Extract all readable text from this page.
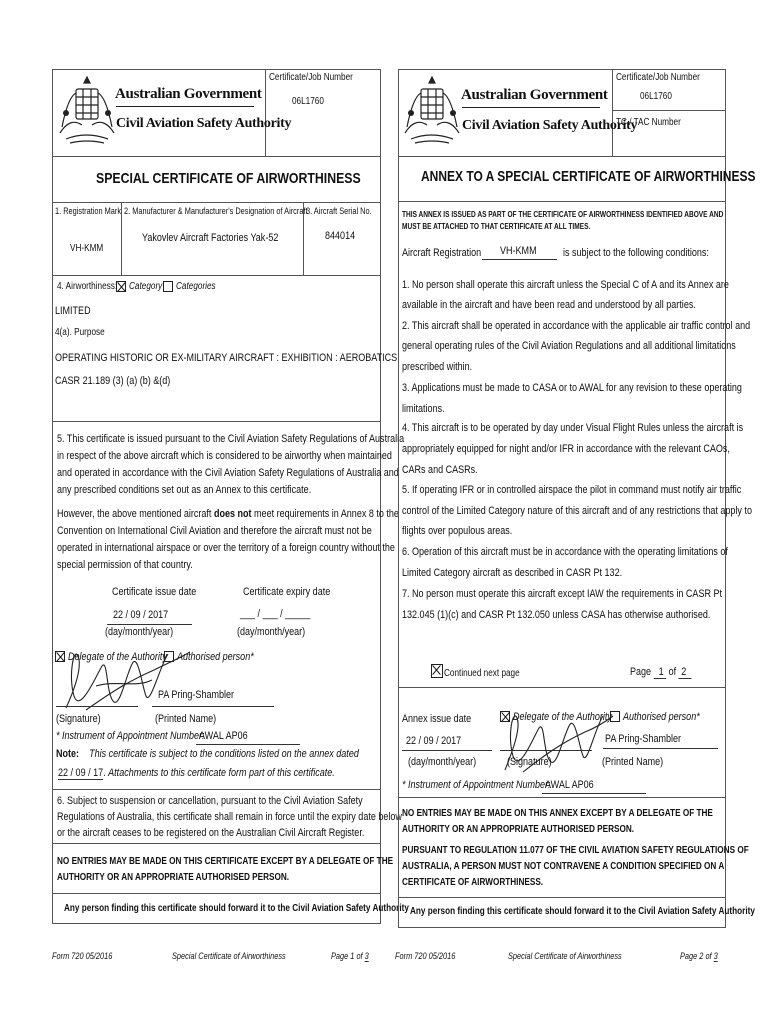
Australian Government
Civil Aviation Safety Authority
Certificate/Job Number
06L1760
SPECIAL CERTIFICATE OF AIRWORTHINESS
1. Registration Mark
VH-KMM
2. Manufacturer & Manufacturer's Designation of Aircraft
Yakovlev Aircraft Factories Yak-52
3. Aircraft Serial No.
844014
4. Airworthiness: Category Categories
LIMITED
4(a). Purpose
OPERATING HISTORIC OR EX-MILITARY AIRCRAFT : EXHIBITION : AEROBATICS
CASR 21.189 (3) (a) (b) &(d)
5. This certificate is issued pursuant to the Civil Aviation Safety Regulations of Australia
in respect of the above aircraft which is considered to be airworthy when maintained
and operated in accordance with the Civil Aviation Safety Regulations of Australia and
any prescribed conditions set out as an Annex to this certificate.
However, the above mentioned aircraft does not meet requirements in Annex 8 to the
Convention on International Civil Aviation and therefore the aircraft must not be
operated in international airspace or over the territory of a foreign country without the
special permission of that country.
Certificate issue date	Certificate expiry date
22 / 09 / 2017	___ / ___ / _____
(day/month/year)	(day/month/year)
Delegate of the Authority Authorised person*
PA Pring-Shambler
(Signature)	(Printed Name)
* Instrument of Appointment Number:
AWAL AP06
Note: This certificate is subject to the conditions listed on the annex dated
22 / 09 / 17. Attachments to this certificate form part of this certificate.
6. Subject to suspension or cancellation, pursuant to the Civil Aviation Safety
Regulations of Australia, this certificate shall remain in force until the expiry date below
or the aircraft ceases to be registered on the Australian Civil Aircraft Register.
NO ENTRIES MAY BE MADE ON THIS CERTIFICATE EXCEPT BY A DELEGATE OF THE
AUTHORITY OR AN APPROPRIATE AUTHORISED PERSON.
Any person finding this certificate should forward it to the Civil Aviation Safety Authority
Form 720 05/2016	Special Certificate of Airworthiness	Page 1 of 3
Australian Government
Civil Aviation Safety Authority
Certificate/Job Number
06L1760
TC / TAC Number
ANNEX TO A SPECIAL CERTIFICATE OF AIRWORTHINESS
THIS ANNEX IS ISSUED AS PART OF THE CERTIFICATE OF AIRWORTHINESS IDENTIFIED ABOVE AND
MUST BE ATTACHED TO THAT CERTIFICATE AT ALL TIMES.
Aircraft Registration VH-KMM is subject to the following conditions:
1. No person shall operate this aircraft unless the Special C of A and its Annex are
available in the aircraft and have been read and understood by all parties.
2. This aircraft shall be operated in accordance with the applicable air traffic control and
general operating rules of the Civil Aviation Regulations and all additional limitations
prescribed within.
3. Applications must be made to CASA or to AWAL for any revision to these operating
limitations.
4. This aircraft is to be operated by day under Visual Flight Rules unless the aircraft is
appropriately equipped for night and/or IFR in accordance with the relevant CAOs,
CARs and CASRs.
5. If operating IFR or in controlled airspace the pilot in command must notify air traffic
control of the Limited Category nature of this aircraft and of any restrictions that apply to
flights over populous areas.
6. Operation of this aircraft must be in accordance with the operating limitations of
Limited Category aircraft as described in CASR Pt 132.
7. No person must operate this aircraft except IAW the requirements in CASR Pt
132.045 (1)(c) and CASR Pt 132.050 unless CASA has otherwise authorised.
Continued next page	Page 1 of 2
Annex issue date	Delegate of the Authority Authorised person*
22 / 09 / 2017	PA Pring-Shambler
(day/month/year)	(Signature)	(Printed Name)
* Instrument of Appointment Number:
AWAL AP06
NO ENTRIES MAY BE MADE ON THIS ANNEX EXCEPT BY A DELEGATE OF THE
AUTHORITY OR AN APPROPRIATE AUTHORISED PERSON.
PURSUANT TO REGULATION 11.077 OF THE CIVIL AVIATION SAFETY REGULATIONS OF
AUSTRALIA, A PERSON MUST NOT CONTRAVENE A CONDITION SPECIFIED ON A
CERTIFICATE OF AIRWORTHINESS.
Any person finding this certificate should forward it to the Civil Aviation Safety Authority
Form 720 05/2016	Special Certificate of Airworthiness	Page 2 of 3
